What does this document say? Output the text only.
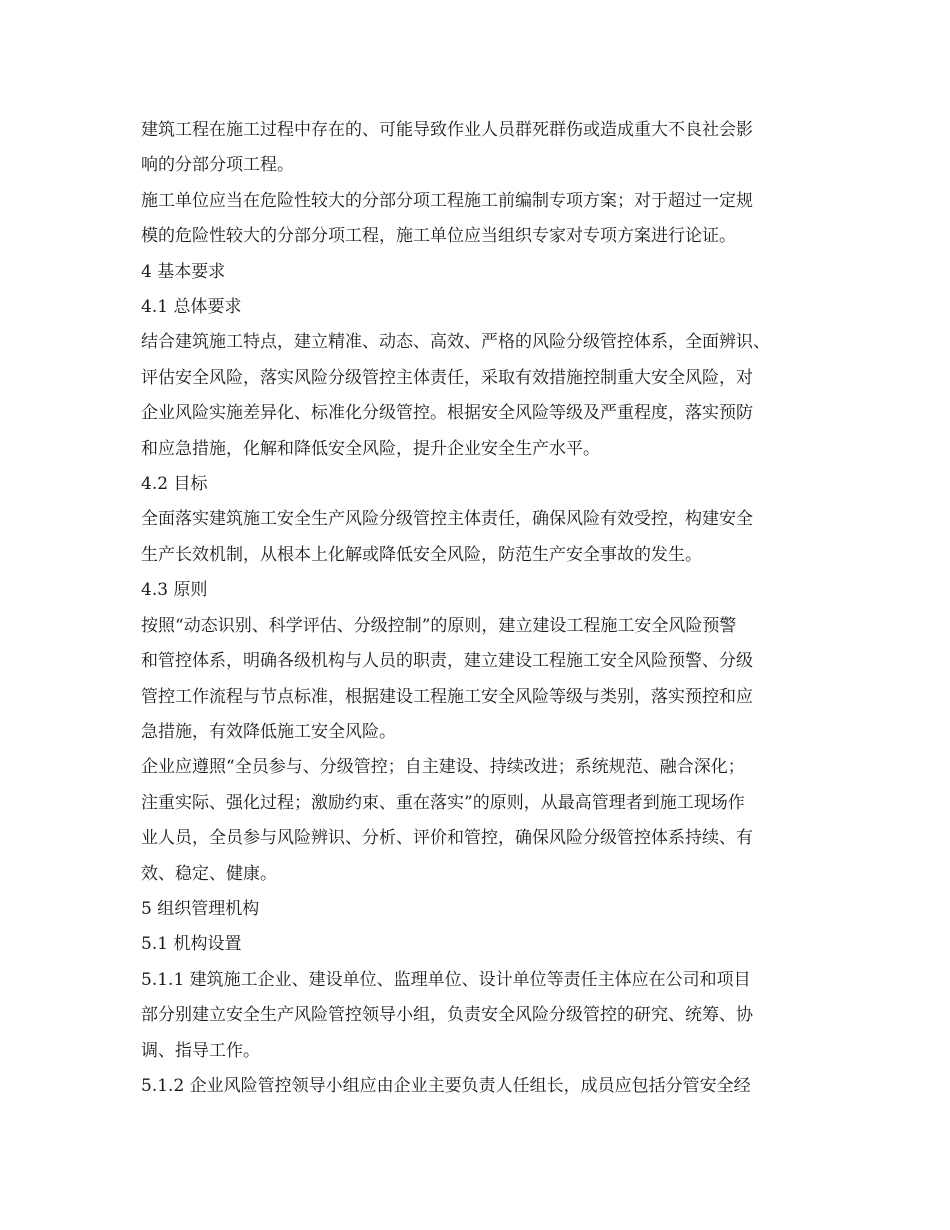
建筑工程在施工过程中存在的、可能导致作业人员群死群伤或造成重大不良社会影
响的分部分项工程。

施工单位应当在危险性较大的分部分项工程施工前编制专项方案；对于超过一定规
模的危险性较大的分部分项工程，施工单位应当组织专家对专项方案进行论证。

4 基本要求

4.1 总体要求

结合建筑施工特点，建立精准、动态、高效、严格的风险分级管控体系，全面辨识、
评估安全风险，落实风险分级管控主体责任，采取有效措施控制重大安全风险，对
企业风险实施差异化、标准化分级管控。根据安全风险等级及严重程度，落实预防
和应急措施，化解和降低安全风险，提升企业安全生产水平。

4.2 目标

全面落实建筑施工安全生产风险分级管控主体责任，确保风险有效受控，构建安全
生产长效机制，从根本上化解或降低安全风险，防范生产安全事故的发生。

4.3 原则

按照“动态识别、科学评估、分级控制”的原则，建立建设工程施工安全风险预警
和管控体系，明确各级机构与人员的职责，建立建设工程施工安全风险预警、分级
管控工作流程与节点标准，根据建设工程施工安全风险等级与类别，落实预控和应
急措施，有效降低施工安全风险。

企业应遵照“全员参与、分级管控；自主建设、持续改进；系统规范、融合深化；
注重实际、强化过程；激励约束、重在落实”的原则，从最高管理者到施工现场作
业人员，全员参与风险辨识、分析、评价和管控，确保风险分级管控体系持续、有
效、稳定、健康。

5 组织管理机构

5.1 机构设置

5.1.1 建筑施工企业、建设单位、监理单位、设计单位等责任主体应在公司和项目
部分别建立安全生产风险管控领导小组，负责安全风险分级管控的研究、统筹、协
调、指导工作。

5.1.2 企业风险管控领导小组应由企业主要负责人任组长，成员应包括分管安全经
